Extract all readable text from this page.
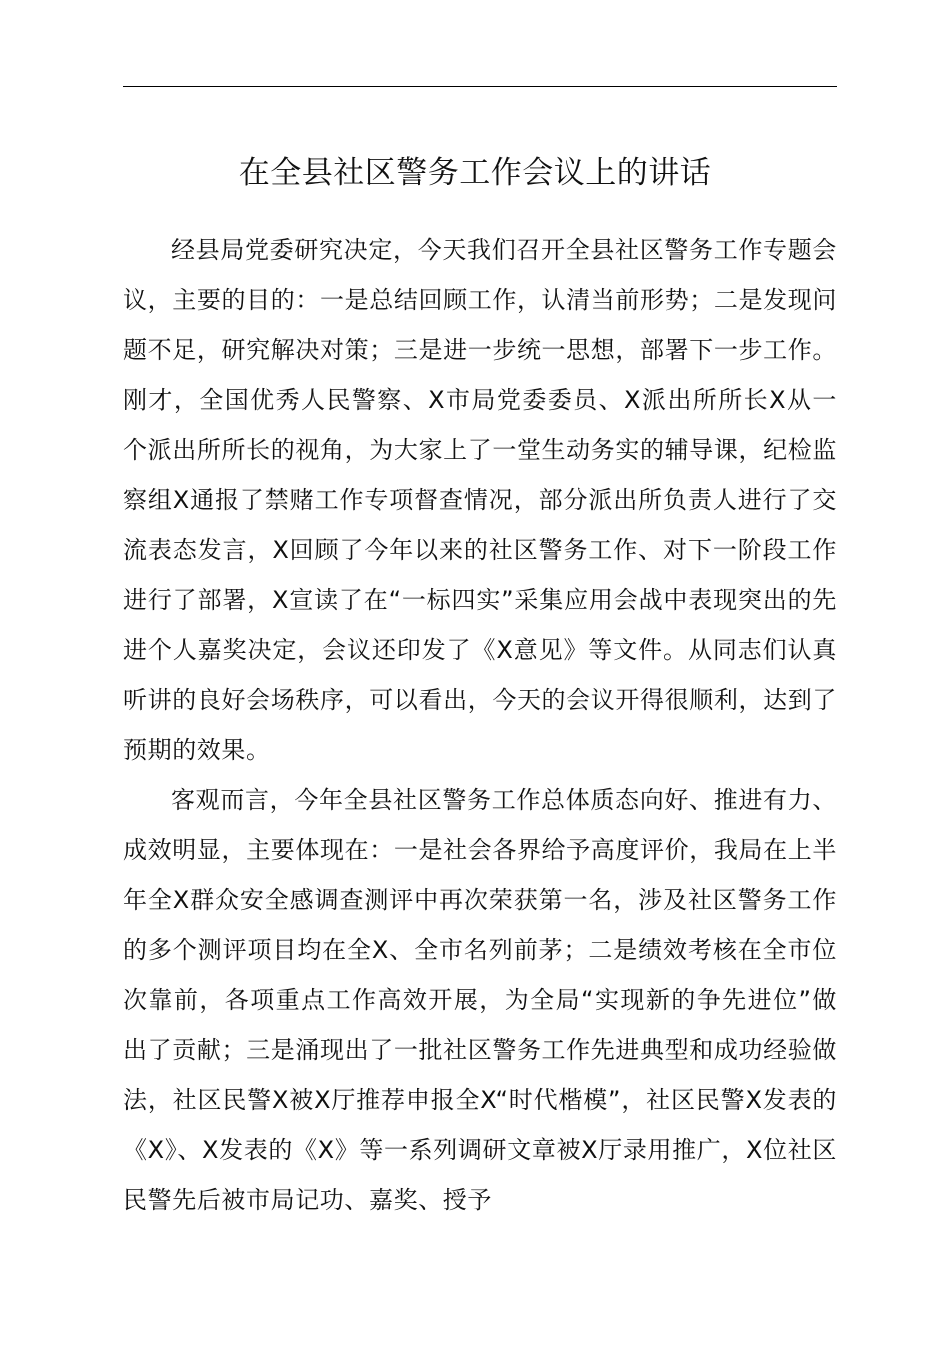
在全县社区警务工作会议上的讲话

经县局党委研究决定，今天我们召开全县社区警务工作专题会议，主要的目的：一是总结回顾工作，认清当前形势；二是发现问题不足，研究解决对策；三是进一步统一思想，部署下一步工作。刚才，全国优秀人民警察、X市局党委委员、X派出所所长X从一个派出所所长的视角，为大家上了一堂生动务实的辅导课，纪检监察组X通报了禁赌工作专项督查情况，部分派出所负责人进行了交流表态发言，X回顾了今年以来的社区警务工作、对下一阶段工作进行了部署，X宣读了在“一标四实”采集应用会战中表现突出的先进个人嘉奖决定，会议还印发了《X意见》等文件。从同志们认真听讲的良好会场秩序，可以看出，今天的会议开得很顺利，达到了预期的效果。

客观而言，今年全县社区警务工作总体质态向好、推进有力、成效明显，主要体现在：一是社会各界给予高度评价，我局在上半年全X群众安全感调查测评中再次荣获第一名，涉及社区警务工作的多个测评项目均在全X、全市名列前茅；二是绩效考核在全市位次靠前，各项重点工作高效开展，为全局“实现新的争先进位”做出了贡献；三是涌现出了一批社区警务工作先进典型和成功经验做法，社区民警X被X厅推荐申报全X“时代楷模”，社区民警X发表的《X》、X发表的《X》等一系列调研文章被X厅录用推广，X位社区民警先后被市局记功、嘉奖、授予
